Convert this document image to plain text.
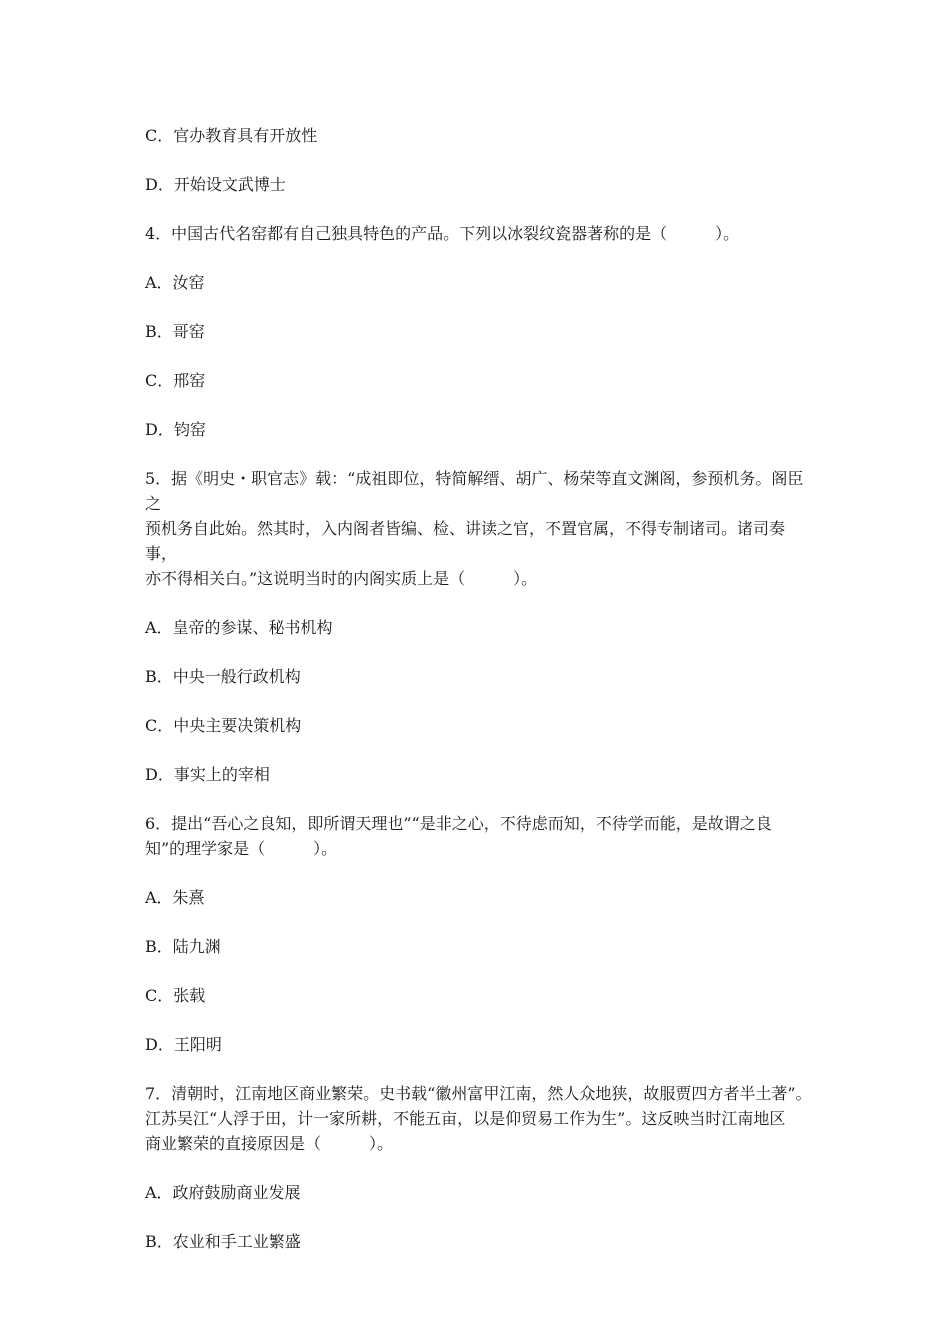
C．官办教育具有开放性

D．开始设文武博士

4．中国古代名窑都有自己独具特色的产品。下列以冰裂纹瓷器著称的是（　　　）。

A．汝窑

B．哥窑

C．邢窑

D．钧窑

5．据《明史・职官志》载：“成祖即位，特简解缙、胡广、杨荣等直文渊阁，参预机务。阁臣之

预机务自此始。然其时，入内阁者皆编、检、讲读之官，不置官属，不得专制诸司。诸司奏事，

亦不得相关白。”这说明当时的内阁实质上是（　　　）。

A．皇帝的参谋、秘书机构

B．中央一般行政机构

C．中央主要决策机构

D．事实上的宰相

6．提出“吾心之良知，即所谓天理也”“是非之心，不待虑而知，不待学而能，是故谓之良

知”的理学家是（　　　）。

A．朱熹

B．陆九渊

C．张载

D．王阳明

7．清朝时，江南地区商业繁荣。史书载“徽州富甲江南，然人众地狭，故服贾四方者半土著”。

江苏吴江“人浮于田，计一家所耕，不能五亩，以是仰贸易工作为生”。这反映当时江南地区

商业繁荣的直接原因是（　　　）。

A．政府鼓励商业发展

B．农业和手工业繁盛
